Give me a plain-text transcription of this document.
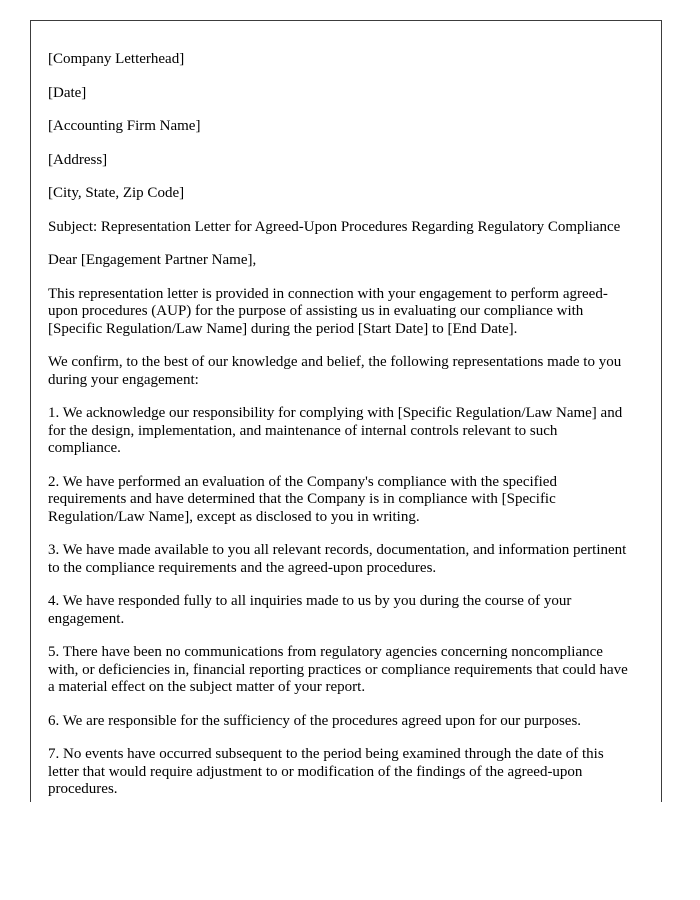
[Company Letterhead]

[Date]

[Accounting Firm Name]

[Address]

[City, State, Zip Code]

Subject: Representation Letter for Agreed-Upon Procedures Regarding Regulatory Compliance

Dear [Engagement Partner Name],

This representation letter is provided in connection with your engagement to perform agreed-upon procedures (AUP) for the purpose of assisting us in evaluating our compliance with [Specific Regulation/Law Name] during the period [Start Date] to [End Date].

We confirm, to the best of our knowledge and belief, the following representations made to you during your engagement:

1. We acknowledge our responsibility for complying with [Specific Regulation/Law Name] and for the design, implementation, and maintenance of internal controls relevant to such compliance.

2. We have performed an evaluation of the Company's compliance with the specified requirements and have determined that the Company is in compliance with [Specific Regulation/Law Name], except as disclosed to you in writing.

3. We have made available to you all relevant records, documentation, and information pertinent to the compliance requirements and the agreed-upon procedures.

4. We have responded fully to all inquiries made to us by you during the course of your engagement.

5. There have been no communications from regulatory agencies concerning noncompliance with, or deficiencies in, financial reporting practices or compliance requirements that could have a material effect on the subject matter of your report.

6. We are responsible for the sufficiency of the procedures agreed upon for our purposes.

7. No events have occurred subsequent to the period being examined through the date of this letter that would require adjustment to or modification of the findings of the agreed-upon procedures.
